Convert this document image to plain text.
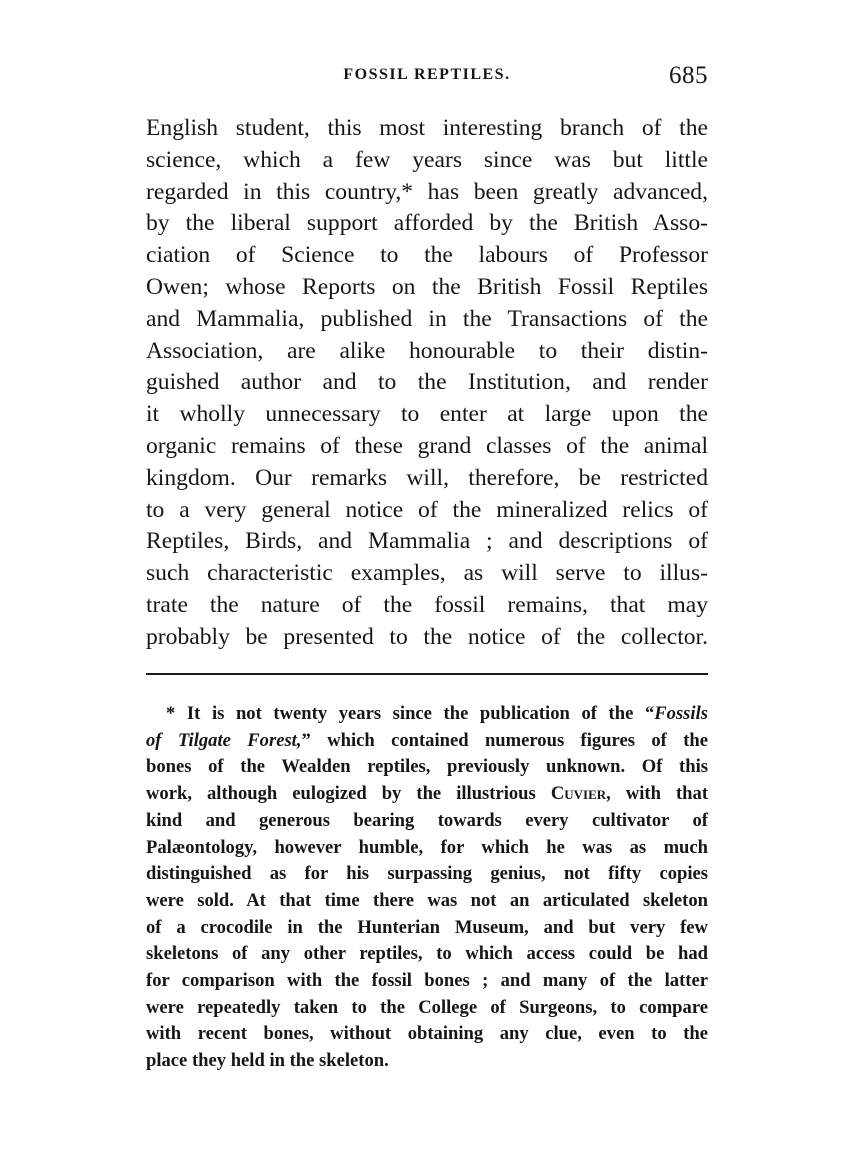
FOSSIL REPTILES.	685

English student, this most interesting branch of the
science, which a few years since was but little
regarded in this country,* has been greatly advanced,
by the liberal support afforded by the British Asso-
ciation of Science to the labours of Professor
Owen; whose Reports on the British Fossil Reptiles
and Mammalia, published in the Transactions of the
Association, are alike honourable to their distin-
guished author and to the Institution, and render
it wholly unnecessary to enter at large upon the
organic remains of these grand classes of the animal
kingdom. Our remarks will, therefore, be restricted
to a very general notice of the mineralized relics of
Reptiles, Birds, and Mammalia ; and descriptions of
such characteristic examples, as will serve to illus-
trate the nature of the fossil remains, that may
probably be presented to the notice of the collector.

* It is not twenty years since the publication of the “Fossils
of Tilgate Forest,” which contained numerous figures of the
bones of the Wealden reptiles, previously unknown. Of this
work, although eulogized by the illustrious Cuvier, with that
kind and generous bearing towards every cultivator of
Palæontology, however humble, for which he was as much
distinguished as for his surpassing genius, not fifty copies
were sold. At that time there was not an articulated skeleton
of a crocodile in the Hunterian Museum, and but very few
skeletons of any other reptiles, to which access could be had
for comparison with the fossil bones ; and many of the latter
were repeatedly taken to the College of Surgeons, to compare
with recent bones, without obtaining any clue, even to the
place they held in the skeleton.
